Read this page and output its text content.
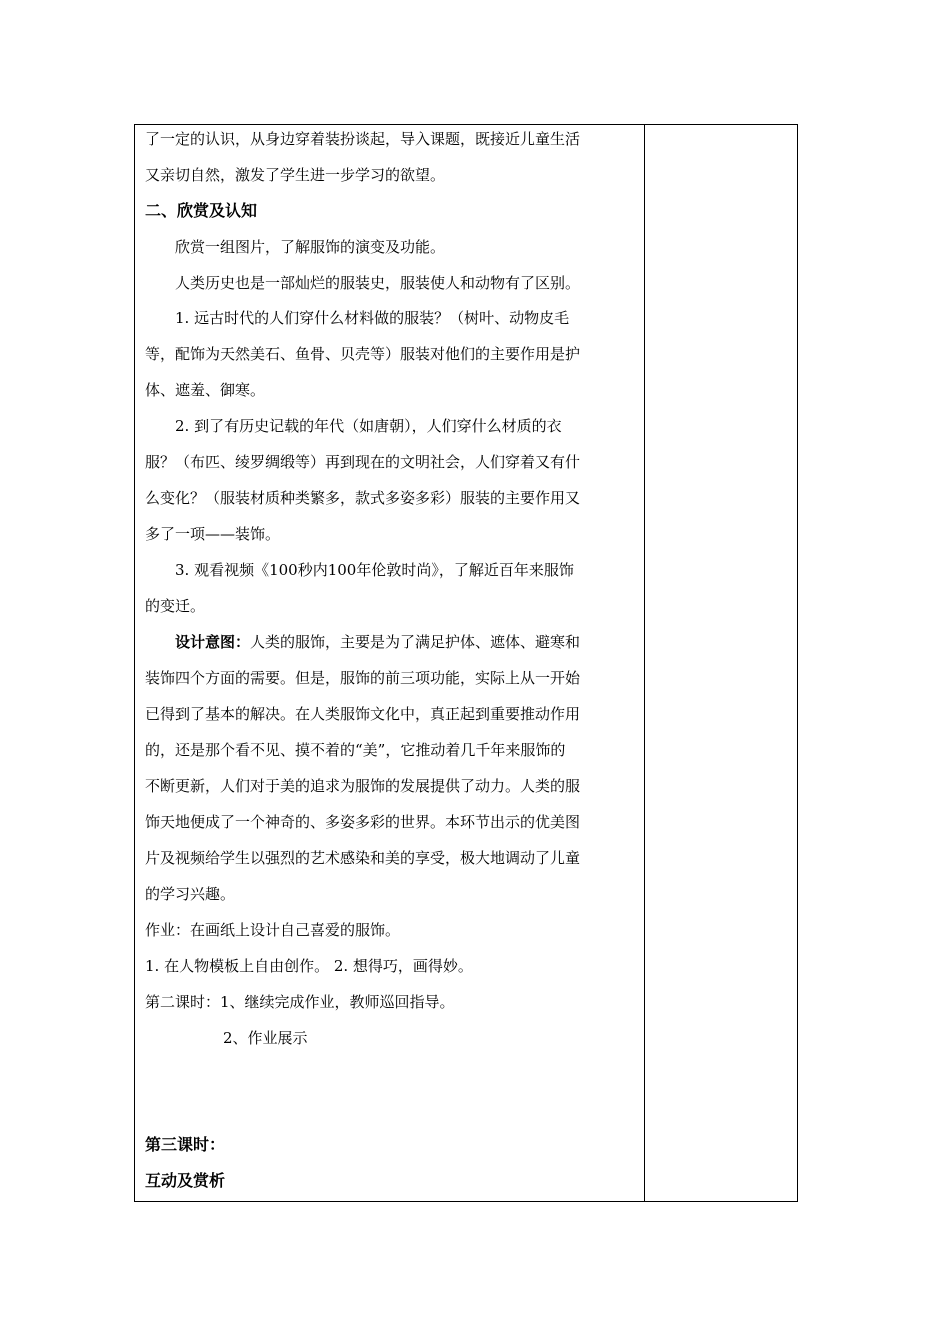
了一定的认识，从身边穿着装扮谈起，导入课题，既接近儿童生活
又亲切自然，激发了学生进一步学习的欲望。
二、欣赏及认知
欣赏一组图片，了解服饰的演变及功能。
人类历史也是一部灿烂的服装史，服装使人和动物有了区别。
1. 远古时代的人们穿什么材料做的服装？（树叶、动物皮毛
等，配饰为天然美石、鱼骨、贝壳等）服装对他们的主要作用是护
体、遮羞、御寒。
2. 到了有历史记载的年代（如唐朝），人们穿什么材质的衣
服？（布匹、绫罗绸缎等）再到现在的文明社会，人们穿着又有什
么变化？（服装材质种类繁多，款式多姿多彩）服装的主要作用又
多了一项——装饰。
3. 观看视频《100秒内100年伦敦时尚》，了解近百年来服饰
的变迁。
设计意图：人类的服饰，主要是为了满足护体、遮体、避寒和
装饰四个方面的需要。但是，服饰的前三项功能，实际上从一开始
已得到了基本的解决。在人类服饰文化中，真正起到重要推动作用
的，还是那个看不见、摸不着的“美”，它推动着几千年来服饰的
不断更新，人们对于美的追求为服饰的发展提供了动力。人类的服
饰天地便成了一个神奇的、多姿多彩的世界。本环节出示的优美图
片及视频给学生以强烈的艺术感染和美的享受，极大地调动了儿童
的学习兴趣。
作业：在画纸上设计自己喜爱的服饰。
1. 在人物模板上自由创作。 2. 想得巧，画得妙。
第二课时：1、继续完成作业，教师巡回指导。
2、作业展示
第三课时：
互动及赏析
